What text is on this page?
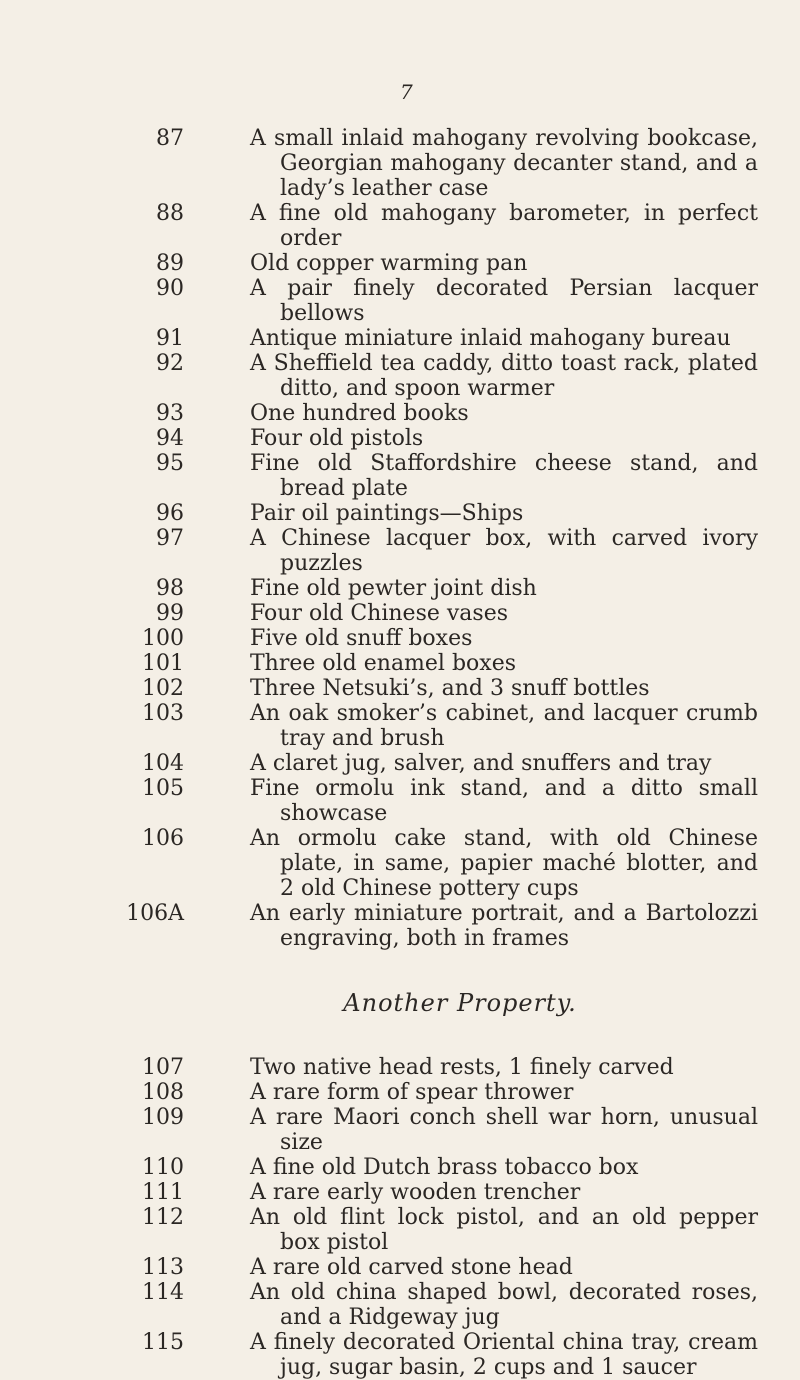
7
87	A small inlaid mahogany revolving bookcase, Georgian mahogany decanter stand, and a lady’s leather case
88	A fine old mahogany barometer, in perfect order
89	Old copper warming pan
90	A pair finely decorated Persian lacquer bellows
91	Antique miniature inlaid mahogany bureau
92	A Sheffield tea caddy, ditto toast rack, plated ditto, and spoon warmer
93	One hundred books
94	Four old pistols
95	Fine old Staffordshire cheese stand, and bread plate
96	Pair oil paintings—Ships
97	A Chinese lacquer box, with carved ivory puzzles
98	Fine old pewter joint dish
99	Four old Chinese vases
100	Five old snuff boxes
101	Three old enamel boxes
102	Three Netsuki’s, and 3 snuff bottles
103	An oak smoker’s cabinet, and lacquer crumb tray and brush
104	A claret jug, salver, and snuffers and tray
105	Fine ormolu ink stand, and a ditto small showcase
106	An ormolu cake stand, with old Chinese plate, in same, papier maché blotter, and 2 old Chinese pottery cups
106A	An early miniature portrait, and a Bartolozzi engraving, both in frames
Another Property.
107	Two native head rests, 1 finely carved
108	A rare form of spear thrower
109	A rare Maori conch shell war horn, unusual size
110	A fine old Dutch brass tobacco box
111	A rare early wooden trencher
112	An old flint lock pistol, and an old pepper box pistol
113	A rare old carved stone head
114	An old china shaped bowl, decorated roses, and a Ridgeway jug
115	A finely decorated Oriental china tray, cream jug, sugar basin, 2 cups and 1 saucer
